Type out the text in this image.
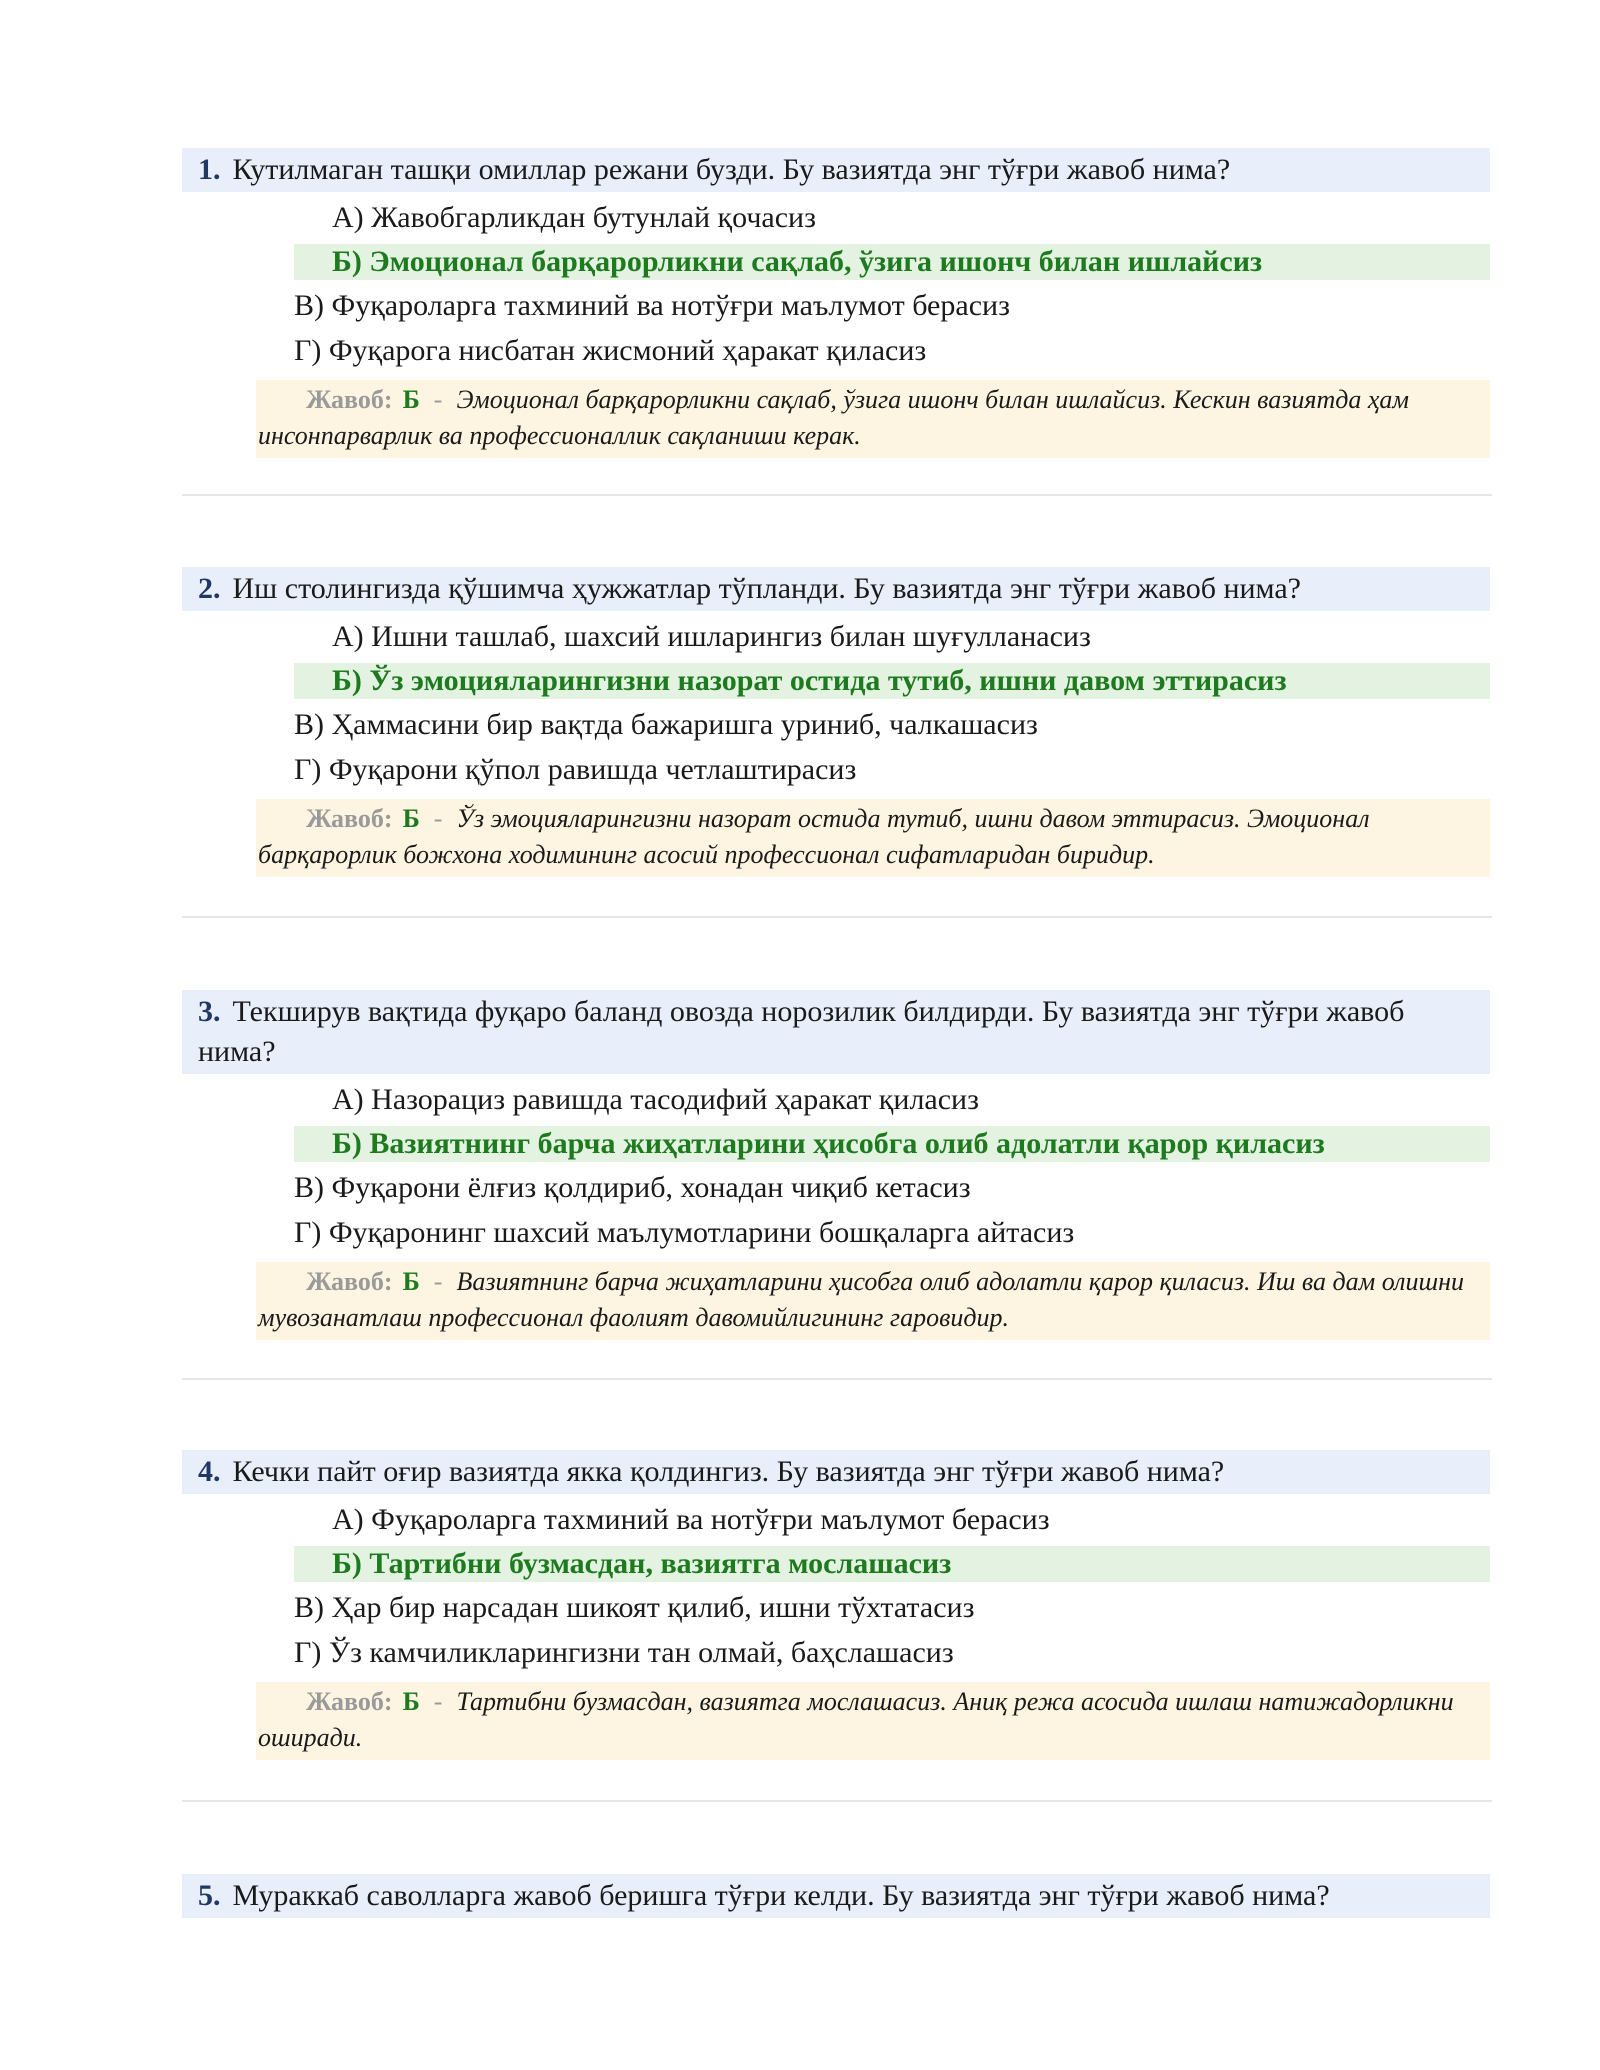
1. Кутилмаган ташқи омиллар режани бузди. Бу вазиятда энг тўғри жавоб нима?
А) Жавобгарликдан бутунлай қочасиз
Б) Эмоционал барқарорликни сақлаб, ўзига ишонч билан ишлайсиз
В) Фуқароларга тахминий ва нотўғри маълумот берасиз
Г) Фуқарога нисбатан жисмоний ҳаракат қиласиз
Жавоб: Б - Эмоционал барқарорликни сақлаб, ўзига ишонч билан ишлайсиз. Кескин вазиятда ҳам инсонпарварлик ва профессионаллик сақланиши керак.
2. Иш столингизда қўшимча ҳужжатлар тўпланди. Бу вазиятда энг тўғри жавоб нима?
А) Ишни ташлаб, шахсий ишларингиз билан шуғулланасиз
Б) Ўз эмоцияларингизни назорат остида тутиб, ишни давом эттирасиз
В) Ҳаммасини бир вақтда бажаришга уриниб, чалкашасиз
Г) Фуқарони қўпол равишда четлаштирасиз
Жавоб: Б - Ўз эмоцияларингизни назорат остида тутиб, ишни давом эттирасиз. Эмоционал барқарорлик божхона ходимининг асосий профессионал сифатларидан биридир.
3. Текширув вақтида фуқаро баланд овозда норозилик билдирди. Бу вазиятда энг тўғри жавоб нима?
А) Назорациз равишда тасодифий ҳаракат қиласиз
Б) Вазиятнинг барча жиҳатларини ҳисобга олиб адолатли қарор қиласиз
В) Фуқарони ёлғиз қолдириб, хонадан чиқиб кетасиз
Г) Фуқаронинг шахсий маълумотларини бошқаларга айтасиз
Жавоб: Б - Вазиятнинг барча жиҳатларини ҳисобга олиб адолатли қарор қиласиз. Иш ва дам олишни мувозанатлаш профессионал фаолият давомийлигининг гаровидир.
4. Кечки пайт оғир вазиятда якка қолдингиз. Бу вазиятда энг тўғри жавоб нима?
А) Фуқароларга тахминий ва нотўғри маълумот берасиз
Б) Тартибни бузмасдан, вазиятга мослашасиз
В) Ҳар бир нарсадан шикоят қилиб, ишни тўхтатасиз
Г) Ўз камчиликларингизни тан олмай, баҳслашасиз
Жавоб: Б - Тартибни бузмасдан, вазиятга мослашасиз. Аниқ режа асосида ишлаш натижадорликни оширади.
5. Мураккаб саволларга жавоб беришга тўғри келди. Бу вазиятда энг тўғри жавоб нима?
